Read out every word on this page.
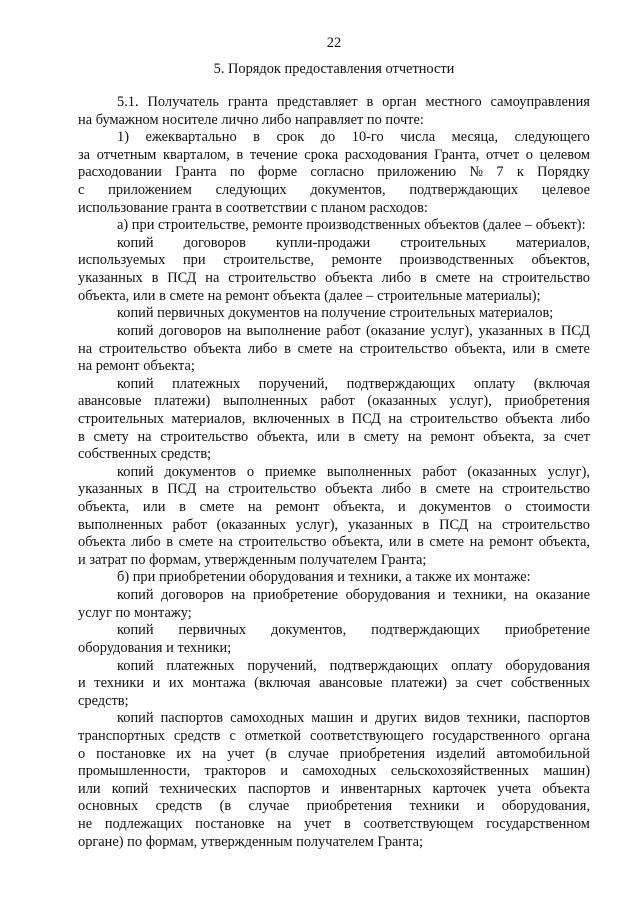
22
5. Порядок предоставления отчетности
5.1. Получатель гранта представляет в орган местного самоуправления
на бумажном носителе лично либо направляет по почте:
1) ежеквартально в срок до 10-го числа месяца, следующего
за отчетным кварталом, в течение срока расходования Гранта, отчет о целевом
расходовании Гранта по форме согласно приложению № 7 к Порядку
с приложением следующих документов, подтверждающих целевое
использование гранта в соответствии с планом расходов:
а) при строительстве, ремонте производственных объектов (далее – объект):
копий договоров купли-продажи строительных материалов,
используемых при строительстве, ремонте производственных объектов,
указанных в ПСД на строительство объекта либо в смете на строительство
объекта, или в смете на ремонт объекта (далее – строительные материалы);
копий первичных документов на получение строительных материалов;
копий договоров на выполнение работ (оказание услуг), указанных в ПСД
на строительство объекта либо в смете на строительство объекта, или в смете
на ремонт объекта;
копий платежных поручений, подтверждающих оплату (включая
авансовые платежи) выполненных работ (оказанных услуг), приобретения
строительных материалов, включенных в ПСД на строительство объекта либо
в смету на строительство объекта, или в смету на ремонт объекта, за счет
собственных средств;
копий документов о приемке выполненных работ (оказанных услуг),
указанных в ПСД на строительство объекта либо в смете на строительство
объекта, или в смете на ремонт объекта, и документов о стоимости
выполненных работ (оказанных услуг), указанных в ПСД на строительство
объекта либо в смете на строительство объекта, или в смете на ремонт объекта,
и затрат по формам, утвержденным получателем Гранта;
б) при приобретении оборудования и техники, а также их монтаже:
копий договоров на приобретение оборудования и техники, на оказание
услуг по монтажу;
копий первичных документов, подтверждающих приобретение
оборудования и техники;
копий платежных поручений, подтверждающих оплату оборудования
и техники и их монтажа (включая авансовые платежи) за счет собственных
средств;
копий паспортов самоходных машин и других видов техники, паспортов
транспортных средств с отметкой соответствующего государственного органа
о постановке их на учет (в случае приобретения изделий автомобильной
промышленности, тракторов и самоходных сельскохозяйственных машин)
или копий технических паспортов и инвентарных карточек учета объекта
основных средств (в случае приобретения техники и оборудования,
не подлежащих постановке на учет в соответствующем государственном
органе) по формам, утвержденным получателем Гранта;
